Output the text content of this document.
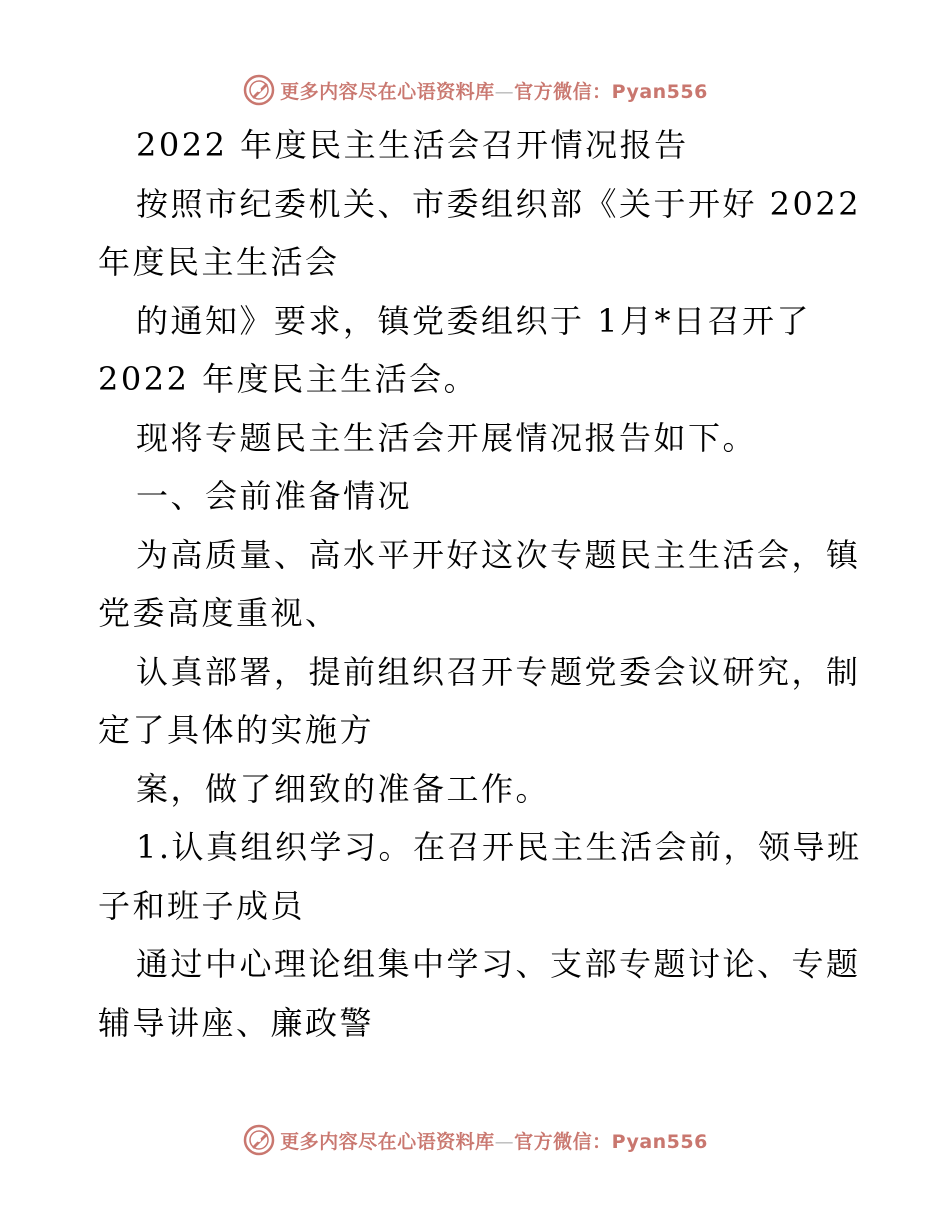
更多内容尽在心语资料库—官方微信：Pyan556
2022 年度民主生活会召开情况报告
按照市纪委机关、市委组织部《关于开好 2022
年度民主生活会
的通知》要求，镇党委组织于 1月*日召开了
2022 年度民主生活会。
现将专题民主生活会开展情况报告如下。
一、会前准备情况
为高质量、高水平开好这次专题民主生活会，镇
党委高度重视、
认真部署，提前组织召开专题党委会议研究，制
定了具体的实施方
案，做了细致的准备工作。
1.认真组织学习。在召开民主生活会前，领导班
子和班子成员
通过中心理论组集中学习、支部专题讨论、专题
辅导讲座、廉政警
更多内容尽在心语资料库—官方微信：Pyan556
